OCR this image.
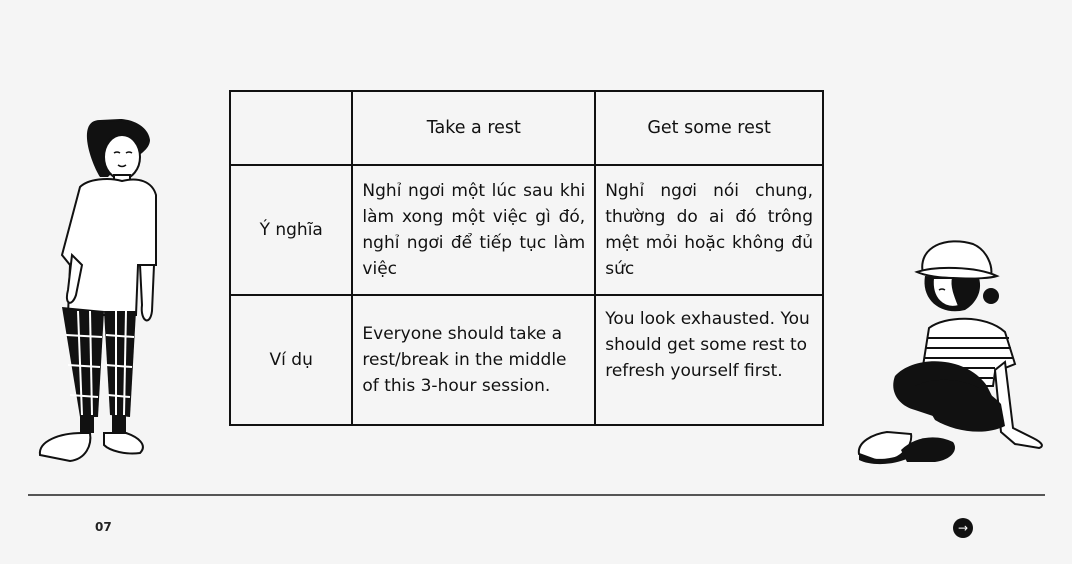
	Take a rest	Get some rest
Ý nghĩa	Nghỉ ngơi một lúc sau khi làm xong một việc gì đó, nghỉ ngơi để tiếp tục làm việc	Nghỉ ngơi nói chung, thường do ai đó trông mệt mỏi hoặc không đủ sức
Ví dụ	Everyone should take a rest/break in the middle of this 3-hour session.	You look exhausted. You should get some rest to refresh yourself first.
07	→
